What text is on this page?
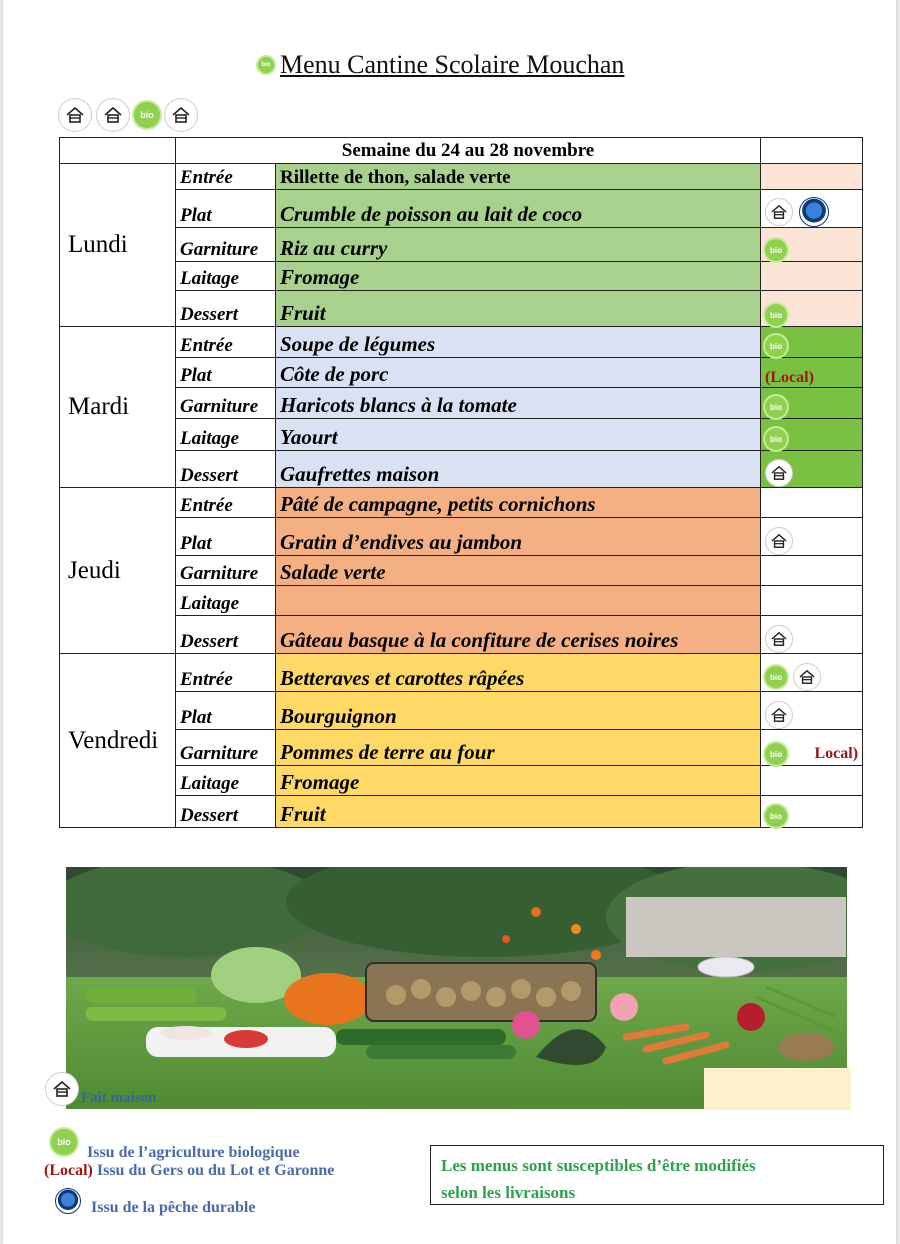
bio Menu Cantine Scolaire Mouchan
bio
	Semaine du 24 au 28 novembre		
Lundi	Entrée	Rillette de thon, salade verte	
	Plat	Crumble de poisson au lait de coco	

	Garniture	Riz au curry	bio

	Laitage	Fromage	
	Dessert	Fruit	bio

Mardi	Entrée	Soupe de légumes	bio

	Plat	Côte de porc	(Local)
	Garniture	Haricots blancs à la tomate	bio

	Laitage	Yaourt	bio

	Dessert	Gaufrettes maison	

Jeudi	Entrée	Pâté de campagne, petits cornichons	
	Plat	Gratin d’endives au jambon	

	Garniture	Salade verte	
	Laitage		
	Dessert	Gâteau basque à la confiture de cerises noires	

Vendredi	Entrée	Betteraves et carottes râpées	bio

	Plat	Bourguignon	

	Garniture	Pommes de terre au four	bio Local)

	Laitage	Fromage	
	Dessert	Fruit	bio
Fait maison
bio
Issu de l’agriculture biologique
(Local) Issu du Gers ou du Lot et Garonne
Issu de la pêche durable
Les menus sont susceptibles d’être modifiés
selon les livraisons
